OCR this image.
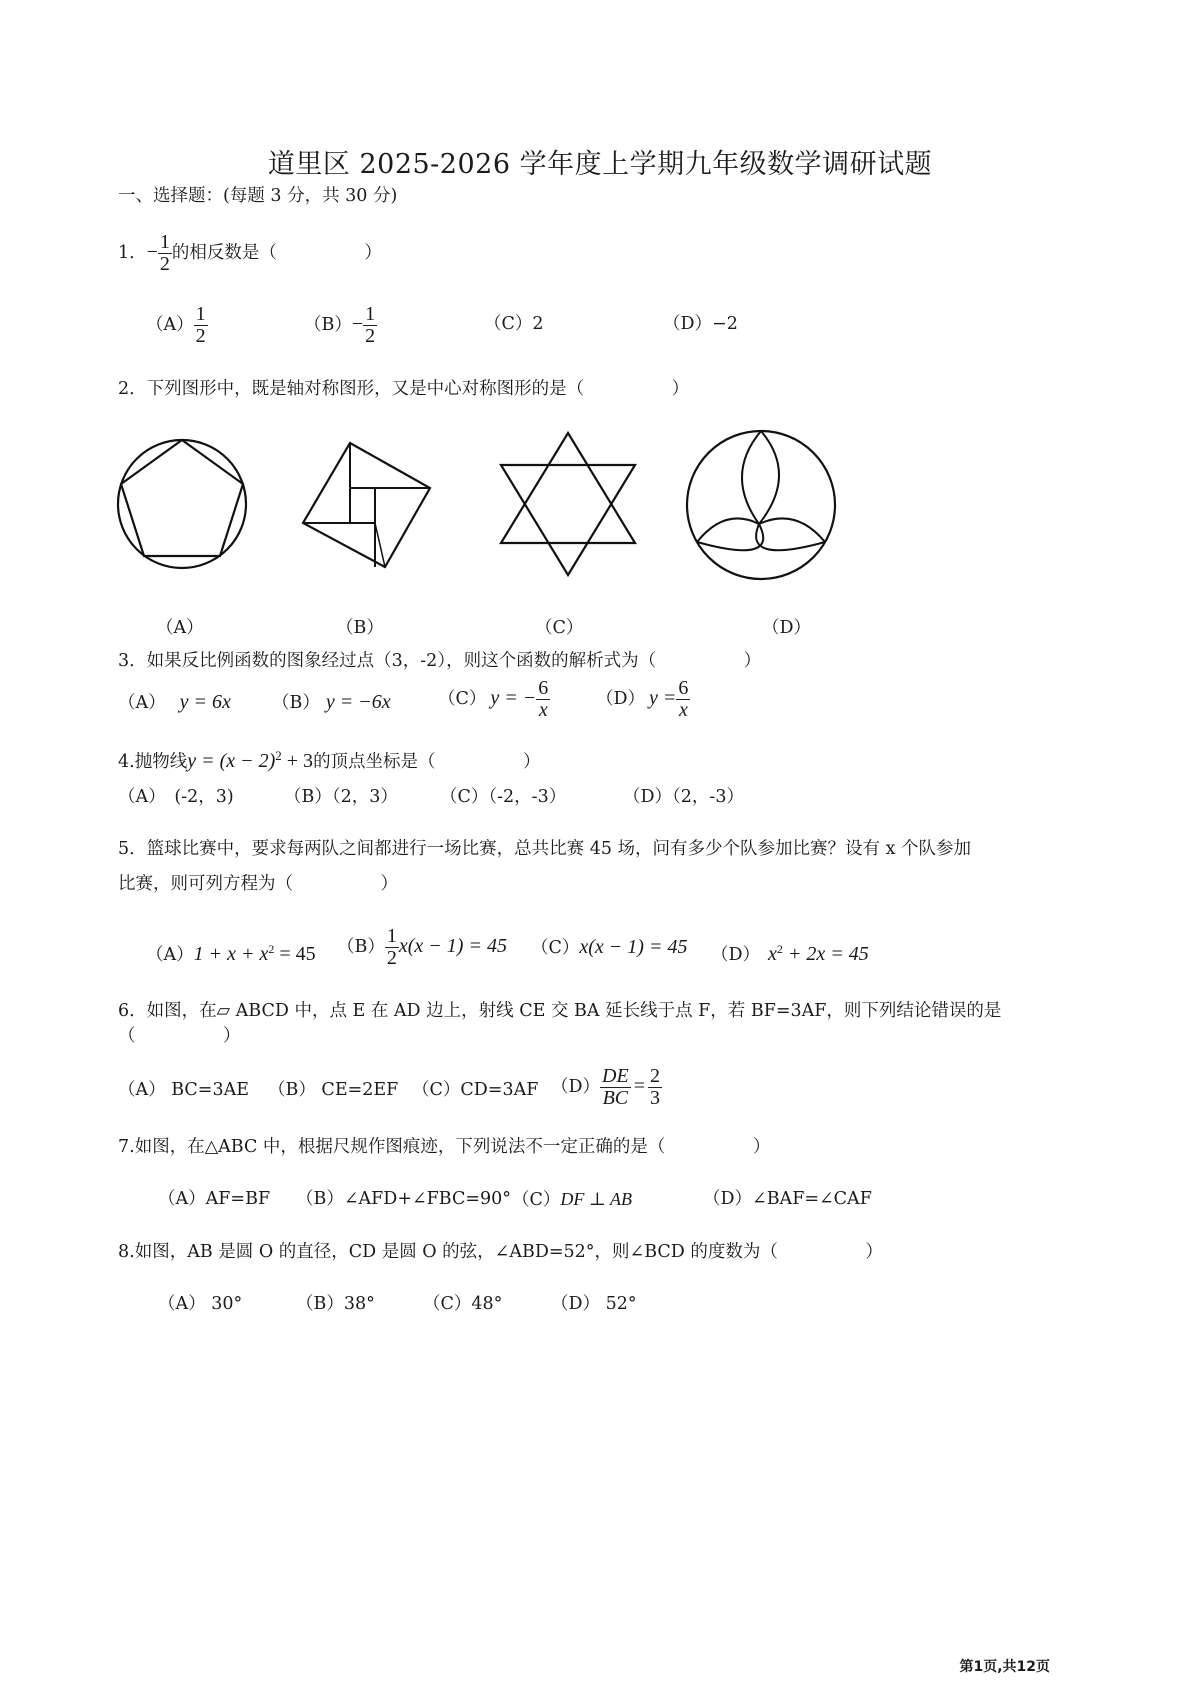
道里区 2025-2026 学年度上学期九年级数学调研试题
一、选择题：(每题 3 分，共 30 分)
1．− $\frac{1}{2}$ 的相反数是（　　　　　）
$(A) \frac{1}{2}$	$(B)- \frac{1}{2}$	（C）2	（D）−2
2．下列图形中，既是轴对称图形，又是中心对称图形的是（　　　　　）
（A）	（B）	（C）	（D）
3．如果反比例函数的图象经过点（3，-2），则这个函数的解析式为（　　　　　）
（A） y = 6x （B） y = −6x	（C） y = − $\frac{6}{x}$	（D） $y = \frac{6}{x}$
4.抛物线$y = (x - 2)^2 + 3$的顶点坐标是（　　　　　）
（A）　(-2，3)	（B）（2，3） （C）（-2，-3）	（D）（2，-3）
5．篮球比赛中，要求每两队之间都进行一场比赛，总共比赛 45 场，问有多少个队参加比赛？设有 x 个队参加
比赛，则可列方程为（　　　　　）
$(A)1 + x + x^2 = 45$ $(B) \frac{1}{2} x(x - 1) = 45$ （C）x(x − 1) = 45 （D） $x^2 + 2x = 45$
6．如图，在▱ ABCD 中，点 E 在 AD 边上，射线 CE 交 BA 延长线于点 F，若 BF=3AF，则下列结论错误的是
（　　　　　）
（A） BC=3AE （B） CE=2EF （C）CD=3AF $(D) \frac{DE}{BC} = \frac{2}{3}$
7.如图，在△ABC 中，根据尺规作图痕迹，下列说法不一定正确的是（　　　　　）
（A）AF=BF （B）∠AFD+∠FBC=90° （C）DF ⊥ AB	（D）∠BAF=∠CAF
8.如图，AB 是圆 O 的直径，CD 是圆 O 的弦，∠ABD=52°，则∠BCD 的度数为（　　　　　）
（A） 30°	（B）38°	（C）48°	（D） 52°
第1页,共12页
